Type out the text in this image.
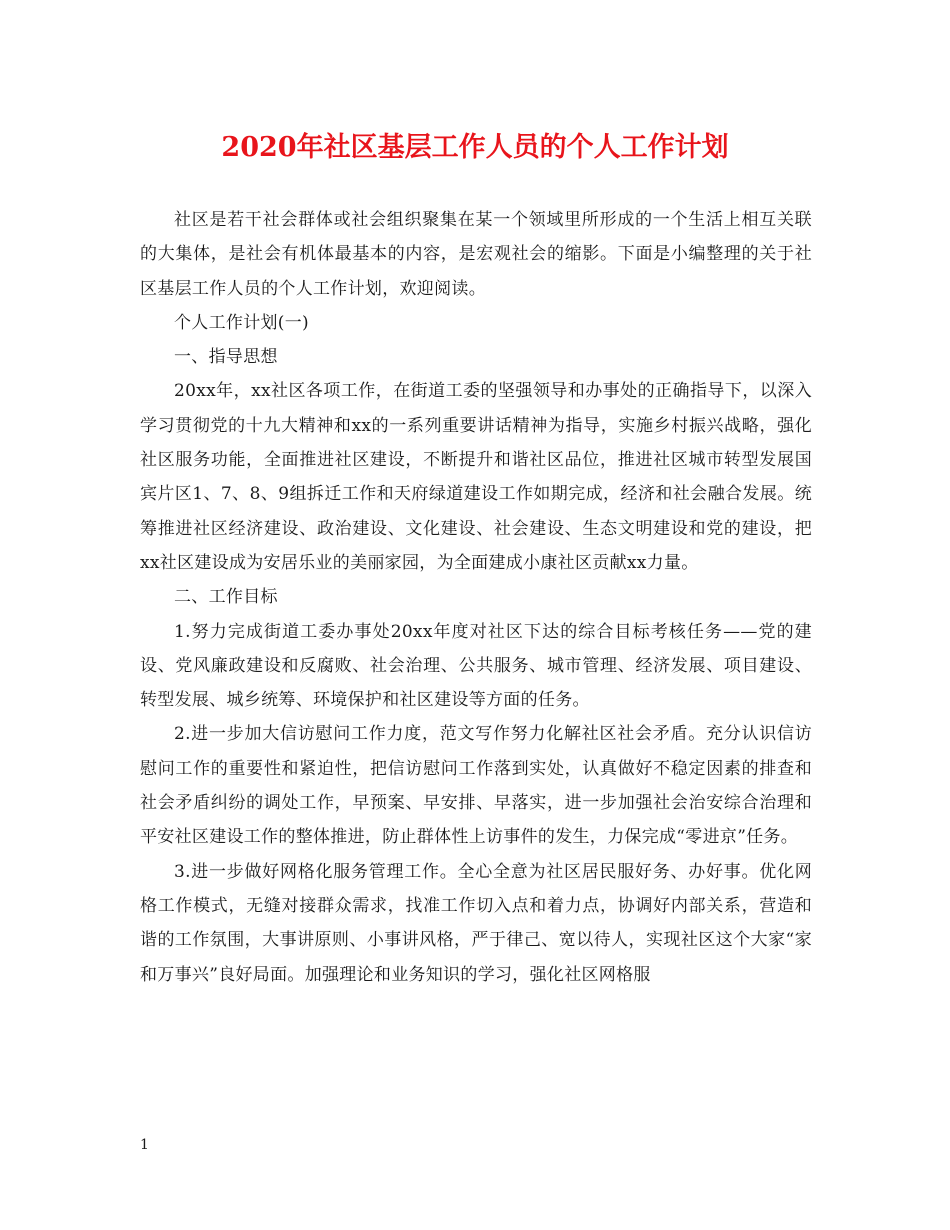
2020年社区基层工作人员的个人工作计划

社区是若干社会群体或社会组织聚集在某一个领域里所形成的一个生活上相互关联的大集体，是社会有机体最基本的内容，是宏观社会的缩影。下面是小编整理的关于社区基层工作人员的个人工作计划，欢迎阅读。

个人工作计划(一)

一、指导思想

20xx年，xx社区各项工作，在街道工委的坚强领导和办事处的正确指导下，以深入学习贯彻党的十九大精神和xx的一系列重要讲话精神为指导，实施乡村振兴战略，强化社区服务功能，全面推进社区建设，不断提升和谐社区品位，推进社区城市转型发展国宾片区1、7、8、9组拆迁工作和天府绿道建设工作如期完成，经济和社会融合发展。统筹推进社区经济建设、政治建设、文化建设、社会建设、生态文明建设和党的建设，把xx社区建设成为安居乐业的美丽家园，为全面建成小康社区贡献xx力量。

二、工作目标

1.努力完成街道工委办事处20xx年度对社区下达的综合目标考核任务——党的建设、党风廉政建设和反腐败、社会治理、公共服务、城市管理、经济发展、项目建设、转型发展、城乡统筹、环境保护和社区建设等方面的任务。

2.进一步加大信访慰问工作力度，范文写作努力化解社区社会矛盾。充分认识信访慰问工作的重要性和紧迫性，把信访慰问工作落到实处，认真做好不稳定因素的排查和社会矛盾纠纷的调处工作，早预案、早安排、早落实，进一步加强社会治安综合治理和平安社区建设工作的整体推进，防止群体性上访事件的发生，力保完成“零进京”任务。

3.进一步做好网格化服务管理工作。全心全意为社区居民服好务、办好事。优化网格工作模式，无缝对接群众需求，找准工作切入点和着力点，协调好内部关系，营造和谐的工作氛围，大事讲原则、小事讲风格，严于律己、宽以待人，实现社区这个大家“家和万事兴”良好局面。加强理论和业务知识的学习，强化社区网格服

1
